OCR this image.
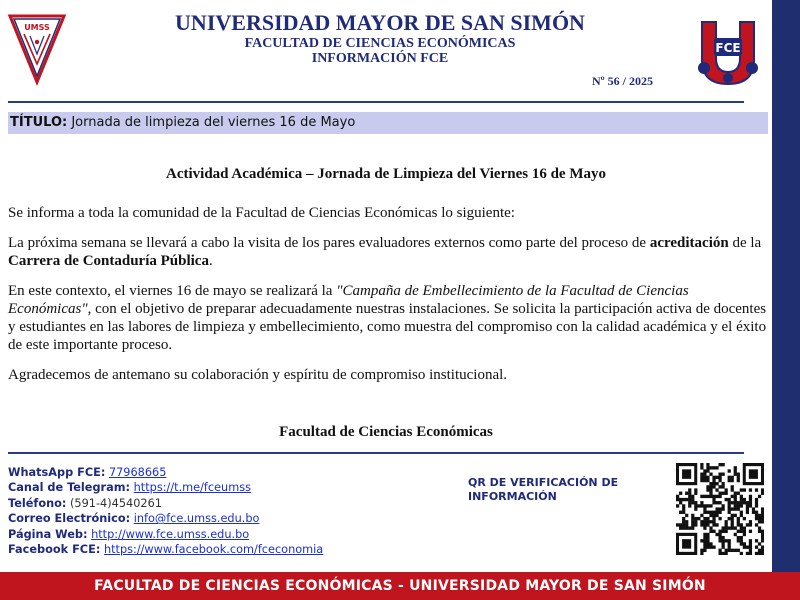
UMSS
FCE
UNIVERSIDAD MAYOR DE SAN SIMÓN
FACULTAD DE CIENCIAS ECONÓMICAS
INFORMACIÓN FCE
Nº 56 / 2025
TÍTULO: Jornada de limpieza del viernes 16 de Mayo
Actividad Académica – Jornada de Limpieza del Viernes 16 de Mayo

Se informa a toda la comunidad de la Facultad de Ciencias Económicas lo siguiente:

La próxima semana se llevará a cabo la visita de los pares evaluadores externos como parte del proceso de acreditación de la Carrera de Contaduría Pública.

En este contexto, el viernes 16 de mayo se realizará la "Campaña de Embellecimiento de la Facultad de Ciencias Económicas", con el objetivo de preparar adecuadamente nuestras instalaciones. Se solicita la participación activa de docentes y estudiantes en las labores de limpieza y embellecimiento, como muestra del compromiso con la calidad académica y el éxito de este importante proceso.

Agradecemos de antemano su colaboración y espíritu de compromiso institucional.

Facultad de Ciencias Económicas
WhatsApp FCE: 77968665
Canal de Telegram: https://t.me/fceumss
Teléfono: (591-4)4540261
Correo Electrónico: info@fce.umss.edu.bo
Página Web: http://www.fce.umss.edu.bo
Facebook FCE: https://www.facebook.com/fceconomia
QR DE VERIFICACIÓN DE INFORMACIÓN
FACULTAD DE CIENCIAS ECONÓMICAS - UNIVERSIDAD MAYOR DE SAN SIMÓN
